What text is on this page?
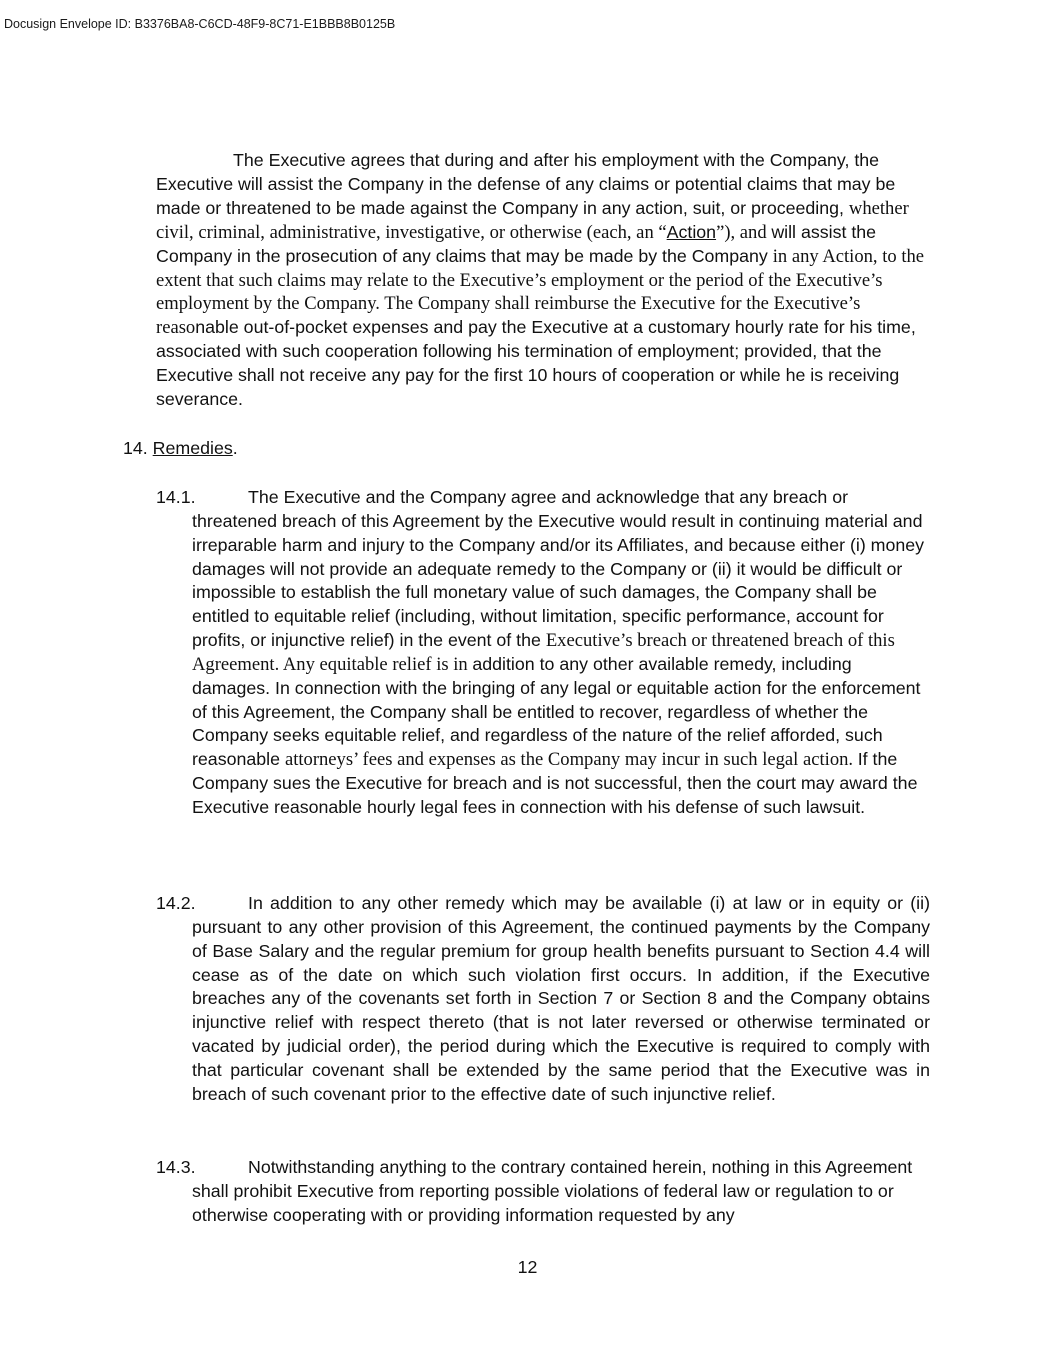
Docusign Envelope ID: B3376BA8-C6CD-48F9-8C71-E1BBB8B0125B

The Executive agrees that during and after his employment with the Company, the Executive will assist the Company in the defense of any claims or potential claims that may be made or threatened to be made against the Company in any action, suit, or proceeding, whether civil, criminal, administrative, investigative, or otherwise (each, an “Action”), and will assist the Company in the prosecution of any claims that may be made by the Company in any Action, to the extent that such claims may relate to the Executive’s employment or the period of the Executive’s employment by the Company. The Company shall reimburse the Executive for the Executive’s reasonable out-of-pocket expenses and pay the Executive at a customary hourly rate for his time, associated with such cooperation following his termination of employment; provided, that the Executive shall not receive any pay for the first 10 hours of cooperation or while he is receiving severance.

14. Remedies.

14.1.	The Executive and the Company agree and acknowledge that any breach or threatened breach of this Agreement by the Executive would result in continuing material and irreparable harm and injury to the Company and/or its Affiliates, and because either (i) money damages will not provide an adequate remedy to the Company or (ii) it would be difficult or impossible to establish the full monetary value of such damages, the Company shall be entitled to equitable relief (including, without limitation, specific performance, account for profits, or injunctive relief) in the event of the Executive’s breach or threatened breach of this Agreement. Any equitable relief is in addition to any other available remedy, including damages. In connection with the bringing of any legal or equitable action for the enforcement of this Agreement, the Company shall be entitled to recover, regardless of whether the Company seeks equitable relief, and regardless of the nature of the relief afforded, such reasonable attorneys’ fees and expenses as the Company may incur in such legal action. If the Company sues the Executive for breach and is not successful, then the court may award the Executive reasonable hourly legal fees in connection with his defense of such lawsuit.
14.2.	In addition to any other remedy which may be available (i) at law or in equity or (ii) pursuant to any other provision of this Agreement, the continued payments by the Company of Base Salary and the regular premium for group health benefits pursuant to Section 4.4 will cease as of the date on which such violation first occurs. In addition, if the Executive breaches any of the covenants set forth in Section 7 or Section 8 and the Company obtains injunctive relief with respect thereto (that is not later reversed or otherwise terminated or vacated by judicial order), the period during which the Executive is required to comply with that particular covenant shall be extended by the same period that the Executive was in breach of such covenant prior to the effective date of such injunctive relief.
14.3.	Notwithstanding anything to the contrary contained herein, nothing in this Agreement shall prohibit Executive from reporting possible violations of federal law or regulation to or otherwise cooperating with or providing information requested by any
12
